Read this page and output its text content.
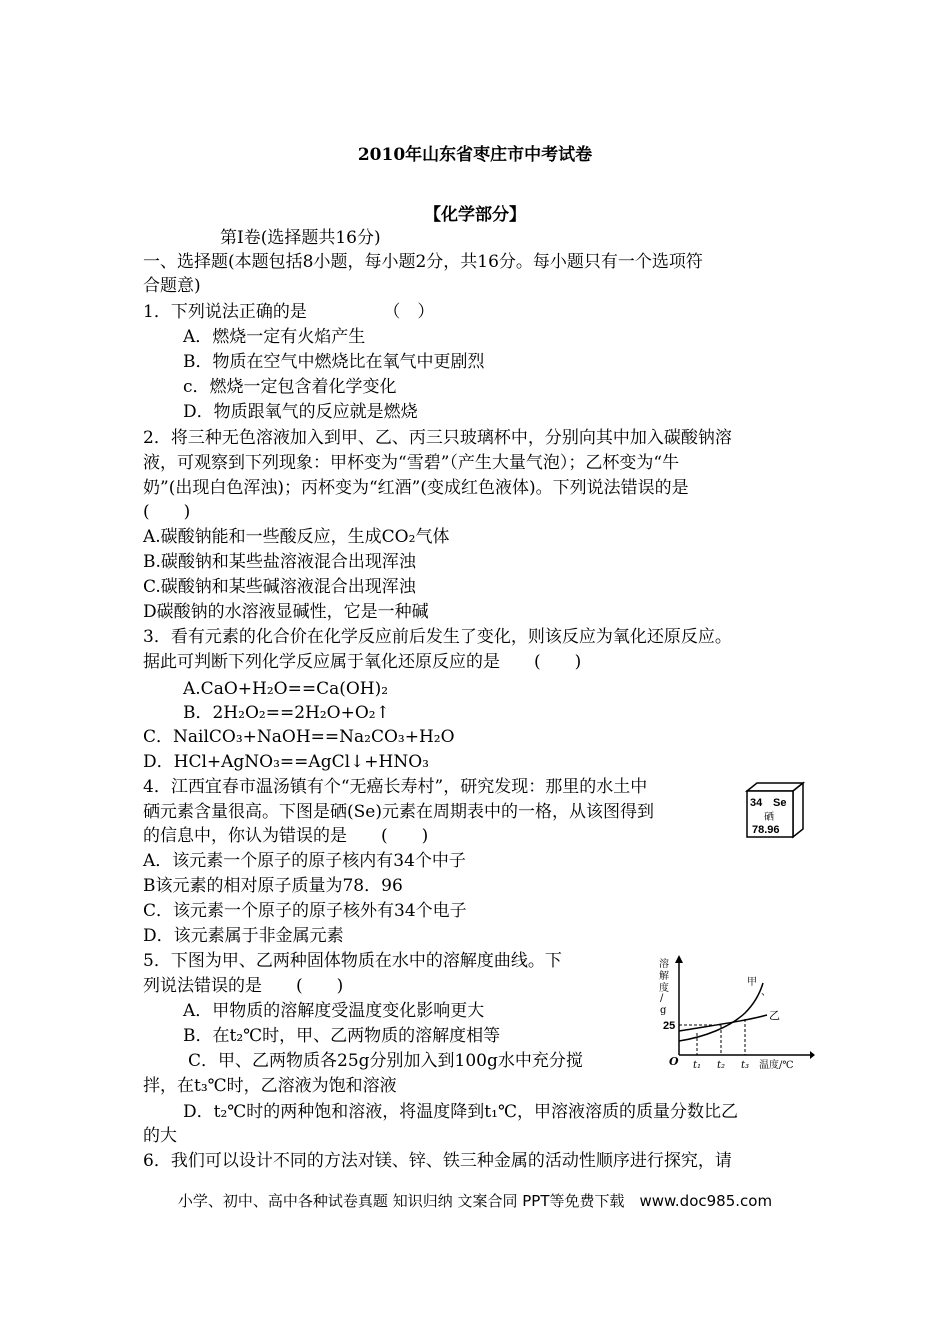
2010年山东省枣庄市中考试卷
【化学部分】
第Ⅰ卷(选择题共16分)
一、选择题(本题包括8小题，每小题2分，共16分。每小题只有一个选项符
合题意)
1．下列说法正确的是　　　　　（　）
A．燃烧一定有火焰产生
B．物质在空气中燃烧比在氧气中更剧烈
c．燃烧一定包含着化学变化
D．物质跟氧气的反应就是燃烧
2．将三种无色溶液加入到甲、乙、丙三只玻璃杯中，分别向其中加入碳酸钠溶
液，可观察到下列现象：甲杯变为“雪碧”（产生大量气泡）；乙杯变为“牛
奶”(出现白色浑浊)；丙杯变为“红酒”(变成红色液体)。下列说法错误的是
(　　)
A.碳酸钠能和一些酸反应，生成CO₂气体
B.碳酸钠和某些盐溶液混合出现浑浊
C.碳酸钠和某些碱溶液混合出现浑浊
D碳酸钠的水溶液显碱性，它是一种碱
3．看有元素的化合价在化学反应前后发生了变化，则该反应为氧化还原反应。
据此可判断下列化学反应属于氧化还原反应的是　　(　　)
A.CaO+H₂O==Ca(OH)₂
B．2H₂O₂==2H₂O+O₂↑
C．NailCO₃+NaOH==Na₂CO₃+H₂O
D．HCl+AgNO₃==AgCl↓+HNO₃
4．江西宜春市温汤镇有个“无癌长寿村”，研究发现：那里的水土中
硒元素含量很高。下图是硒(Se)元素在周期表中的一格，从该图得到
的信息中，你认为错误的是　　(　　)
A．该元素一个原子的原子核内有34个中子
B该元素的相对原子质量为78．96
C．该元素一个原子的原子核外有34个电子
D．该元素属于非金属元素
5．下图为甲、乙两种固体物质在水中的溶解度曲线。下
列说法错误的是　　(　　)
A．甲物质的溶解度受温度变化影响更大
B．在t₂℃时，甲、乙两物质的溶解度相等
C．甲、乙两物质各25g分别加入到100g水中充分搅
拌，在t₃℃时，乙溶液为饱和溶液
D．t₂℃时的两种饱和溶液，将温度降到t₁℃，甲溶液溶质的质量分数比乙
的大
6．我们可以设计不同的方法对镁、锌、铁三种金属的活动性顺序进行探究，请
34 Se
硒
78.96
溶
解
度
/
g
25
甲
、
乙
O t₁ t₂ t₃ 温度/℃
小学、初中、高中各种试卷真题 知识归纳 文案合同 PPT等免费下载　www.doc985.com
